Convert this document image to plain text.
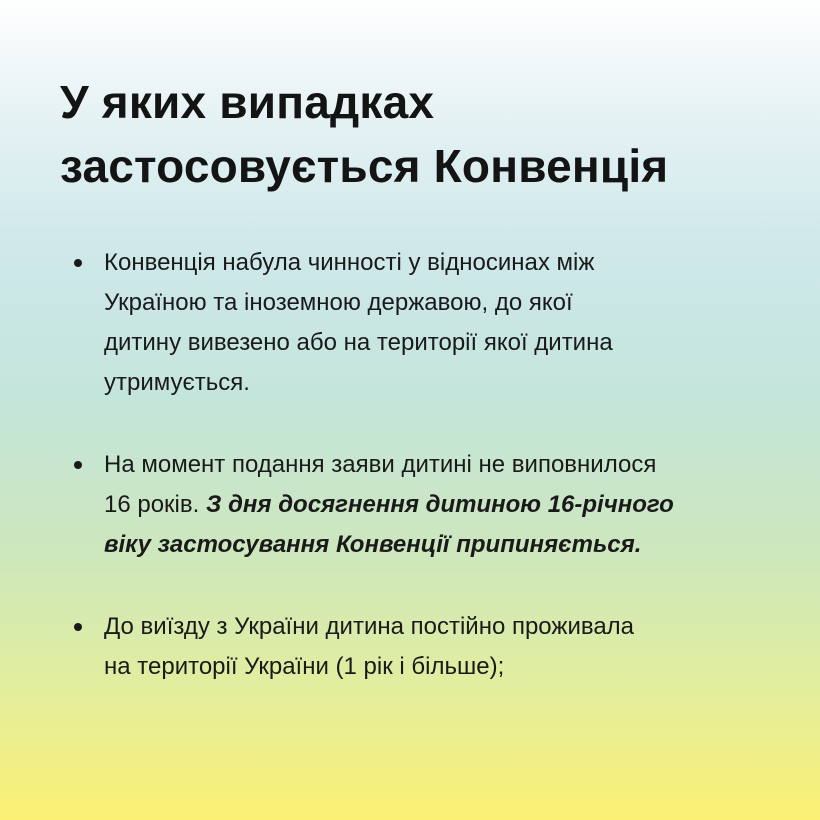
У яких випадках
застосовується Конвенція
Конвенція набула чинності у відносинах між
Україною та іноземною державою, до якої
дитину вивезено або на території якої дитина
утримується.
На момент подання заяви дитині не виповнилося
16 років. З дня досягнення дитиною 16-річного
віку застосування Конвенції припиняється.
До виїзду з України дитина постійно проживала
на території України (1 рік і більше);
